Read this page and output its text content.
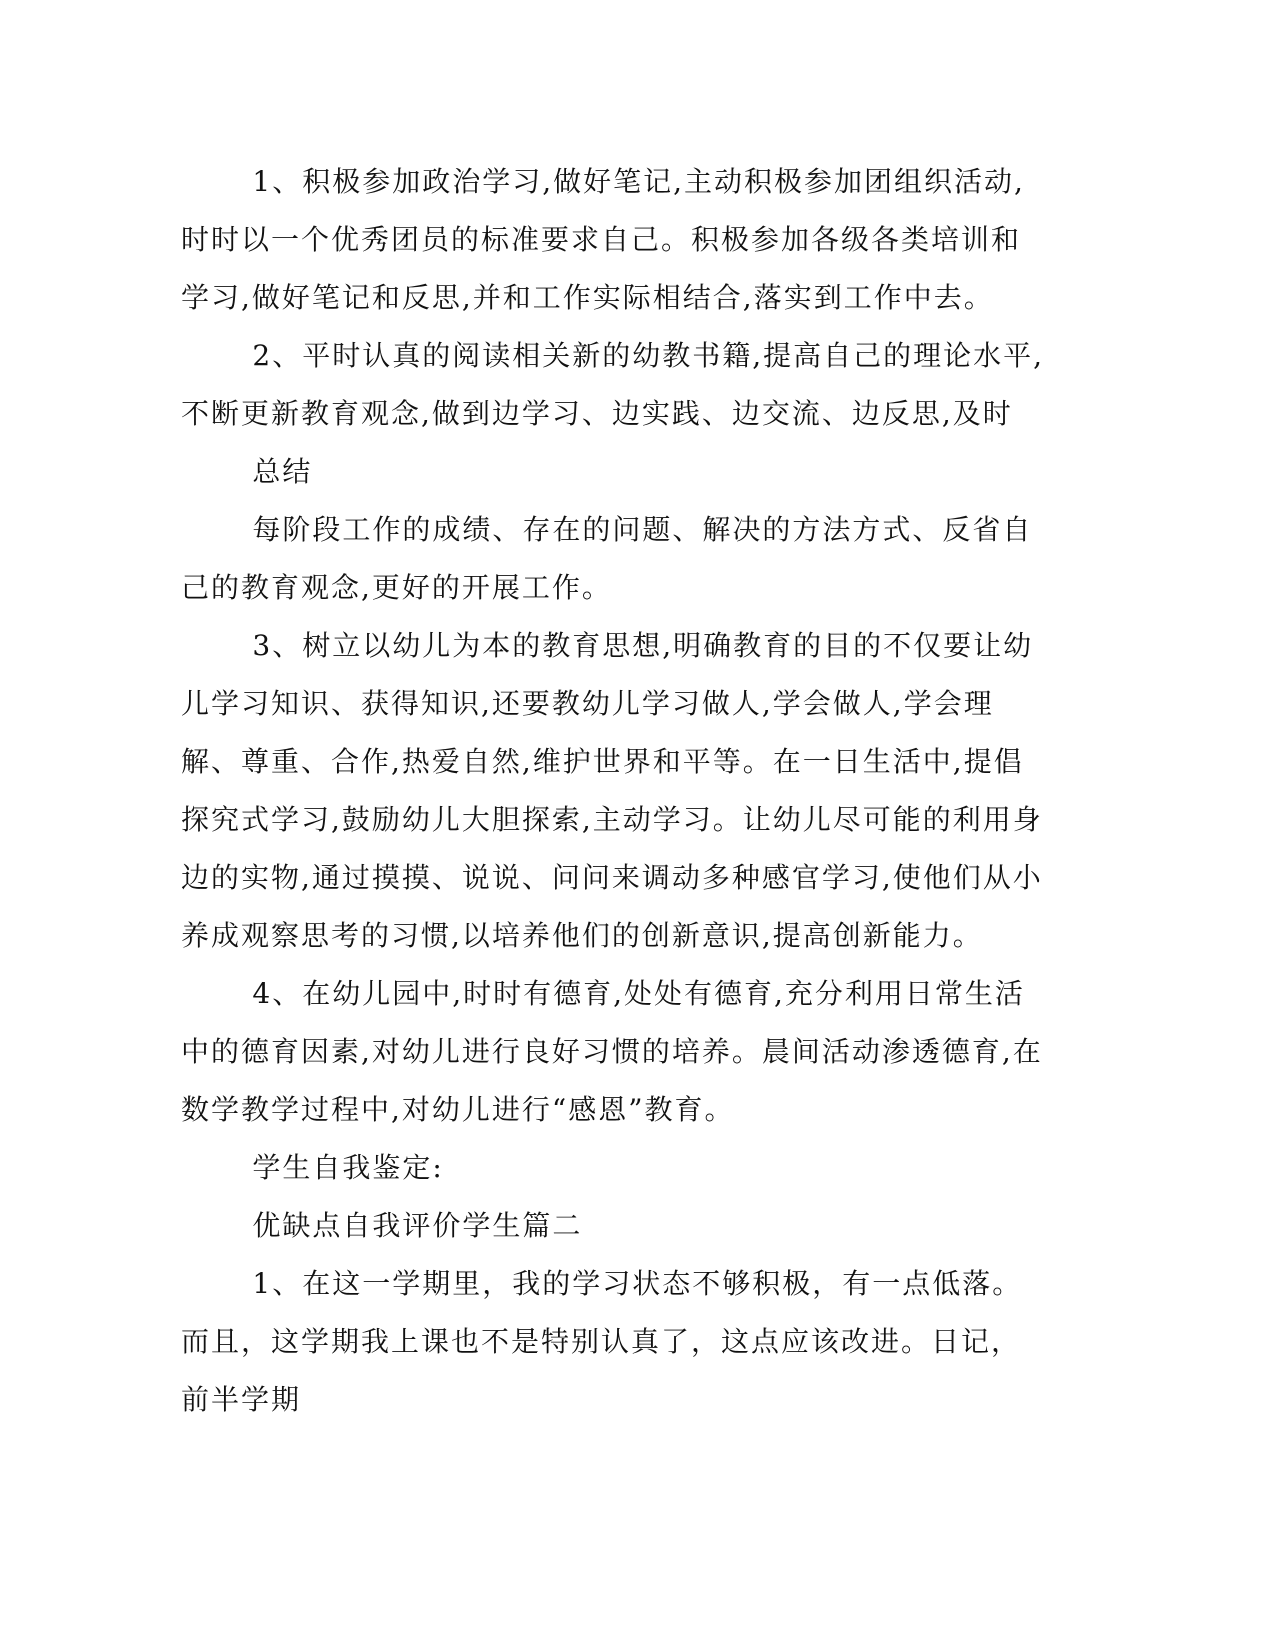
1、积极参加政治学习,做好笔记,主动积极参加团组织活动,时时以一个优秀团员的标准要求自己。积极参加各级各类培训和学习,做好笔记和反思,并和工作实际相结合,落实到工作中去。

2、平时认真的阅读相关新的幼教书籍,提高自己的理论水平,不断更新教育观念,做到边学习、边实践、边交流、边反思,及时

总结

每阶段工作的成绩、存在的问题、解决的方法方式、反省自己的教育观念,更好的开展工作。

3、树立以幼儿为本的教育思想,明确教育的目的不仅要让幼儿学习知识、获得知识,还要教幼儿学习做人,学会做人,学会理解、尊重、合作,热爱自然,维护世界和平等。在一日生活中,提倡探究式学习,鼓励幼儿大胆探索,主动学习。让幼儿尽可能的利用身边的实物,通过摸摸、说说、问问来调动多种感官学习,使他们从小养成观察思考的习惯,以培养他们的创新意识,提高创新能力。

4、在幼儿园中,时时有德育,处处有德育,充分利用日常生活中的德育因素,对幼儿进行良好习惯的培养。晨间活动渗透德育,在数学教学过程中,对幼儿进行“感恩”教育。

学生自我鉴定:

优缺点自我评价学生篇二

1、在这一学期里，我的学习状态不够积极，有一点低落。而且，这学期我上课也不是特别认真了，这点应该改进。日记，前半学期
